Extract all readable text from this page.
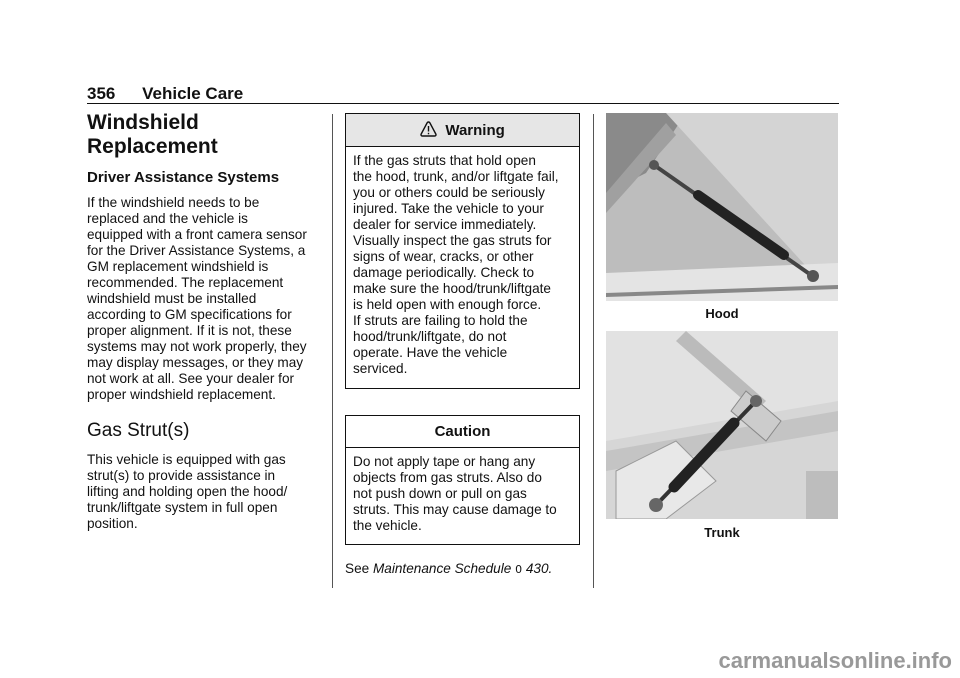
356 Vehicle Care
Windshield Replacement
Driver Assistance Systems

If the windshield needs to be
replaced and the vehicle is
equipped with a front camera sensor
for the Driver Assistance Systems, a
GM replacement windshield is
recommended. The replacement
windshield must be installed
according to GM specifications for
proper alignment. If it is not, these
systems may not work properly, they
may display messages, or they may
not work at all. See your dealer for
proper windshield replacement.

Gas Strut(s)

This vehicle is equipped with gas
strut(s) to provide assistance in
lifting and holding open the hood/
trunk/liftgate system in full open
position.

Warning
If the gas struts that hold open
the hood, trunk, and/or liftgate fail,
you or others could be seriously
injured. Take the vehicle to your
dealer for service immediately.
Visually inspect the gas struts for
signs of wear, cracks, or other
damage periodically. Check to
make sure the hood/trunk/liftgate
is held open with enough force.
If struts are failing to hold the
hood/trunk/liftgate, do not
operate. Have the vehicle
serviced.
Caution
Do not apply tape or hang any
objects from gas struts. Also do
not push down or pull on gas
struts. This may cause damage to
the vehicle.
See Maintenance Schedule 0 430.
Hood
Trunk
carmanualsonline.info
